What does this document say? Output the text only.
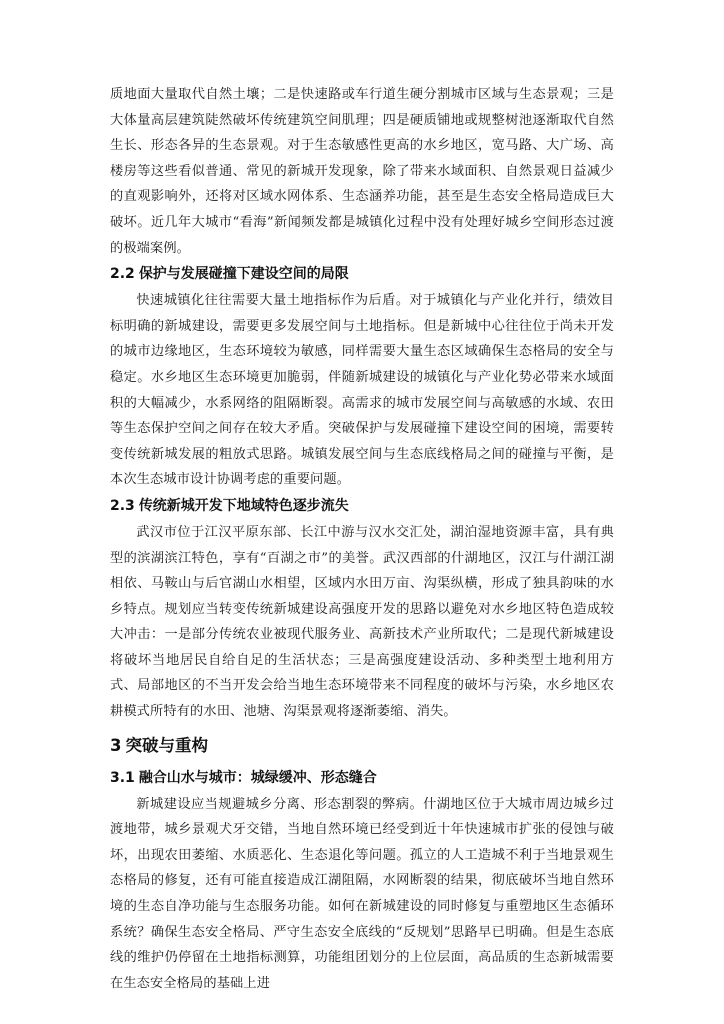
质地面大量取代自然土壤；二是快速路或车行道生硬分割城市区域与生态景观；三是大体量高层建筑陡然破坏传统建筑空间肌理；四是硬质铺地或规整树池逐渐取代自然生长、形态各异的生态景观。对于生态敏感性更高的水乡地区，宽马路、大广场、高楼房等这些看似普通、常见的新城开发现象，除了带来水域面积、自然景观日益减少的直观影响外，还将对区域水网体系、生态涵养功能，甚至是生态安全格局造成巨大破坏。近几年大城市“看海”新闻频发都是城镇化过程中没有处理好城乡空间形态过渡的极端案例。

2.2 保护与发展碰撞下建设空间的局限

快速城镇化往往需要大量土地指标作为后盾。对于城镇化与产业化并行，绩效目标明确的新城建设，需要更多发展空间与土地指标。但是新城中心往往位于尚未开发的城市边缘地区，生态环境较为敏感，同样需要大量生态区域确保生态格局的安全与稳定。水乡地区生态环境更加脆弱，伴随新城建设的城镇化与产业化势必带来水域面积的大幅减少，水系网络的阻隔断裂。高需求的城市发展空间与高敏感的水域、农田等生态保护空间之间存在较大矛盾。突破保护与发展碰撞下建设空间的困境，需要转变传统新城发展的粗放式思路。城镇发展空间与生态底线格局之间的碰撞与平衡，是本次生态城市设计协调考虑的重要问题。

2.3 传统新城开发下地域特色逐步流失

武汉市位于江汉平原东部、长江中游与汉水交汇处，湖泊湿地资源丰富，具有典型的滨湖滨江特色，享有“百湖之市”的美誉。武汉西部的什湖地区，汉江与什湖江湖相依、马鞍山与后官湖山水相望，区域内水田万亩、沟渠纵横，形成了独具韵味的水乡特点。规划应当转变传统新城建设高强度开发的思路以避免对水乡地区特色造成较大冲击：一是部分传统农业被现代服务业、高新技术产业所取代；二是现代新城建设将破坏当地居民自给自足的生活状态；三是高强度建设活动、多种类型土地利用方式、局部地区的不当开发会给当地生态环境带来不同程度的破坏与污染，水乡地区农耕模式所特有的水田、池塘、沟渠景观将逐渐萎缩、消失。

3 突破与重构
3.1 融合山水与城市：城绿缓冲、形态缝合

新城建设应当规避城乡分离、形态割裂的弊病。什湖地区位于大城市周边城乡过渡地带，城乡景观犬牙交错，当地自然环境已经受到近十年快速城市扩张的侵蚀与破坏，出现农田萎缩、水质恶化、生态退化等问题。孤立的人工造城不利于当地景观生态格局的修复，还有可能直接造成江湖阻隔，水网断裂的结果，彻底破坏当地自然环境的生态自净功能与生态服务功能。如何在新城建设的同时修复与重塑地区生态循环系统？确保生态安全格局、严守生态安全底线的“反规划”思路早已明确。但是生态底线的维护仍停留在土地指标测算，功能组团划分的上位层面，高品质的生态新城需要在生态安全格局的基础上进
